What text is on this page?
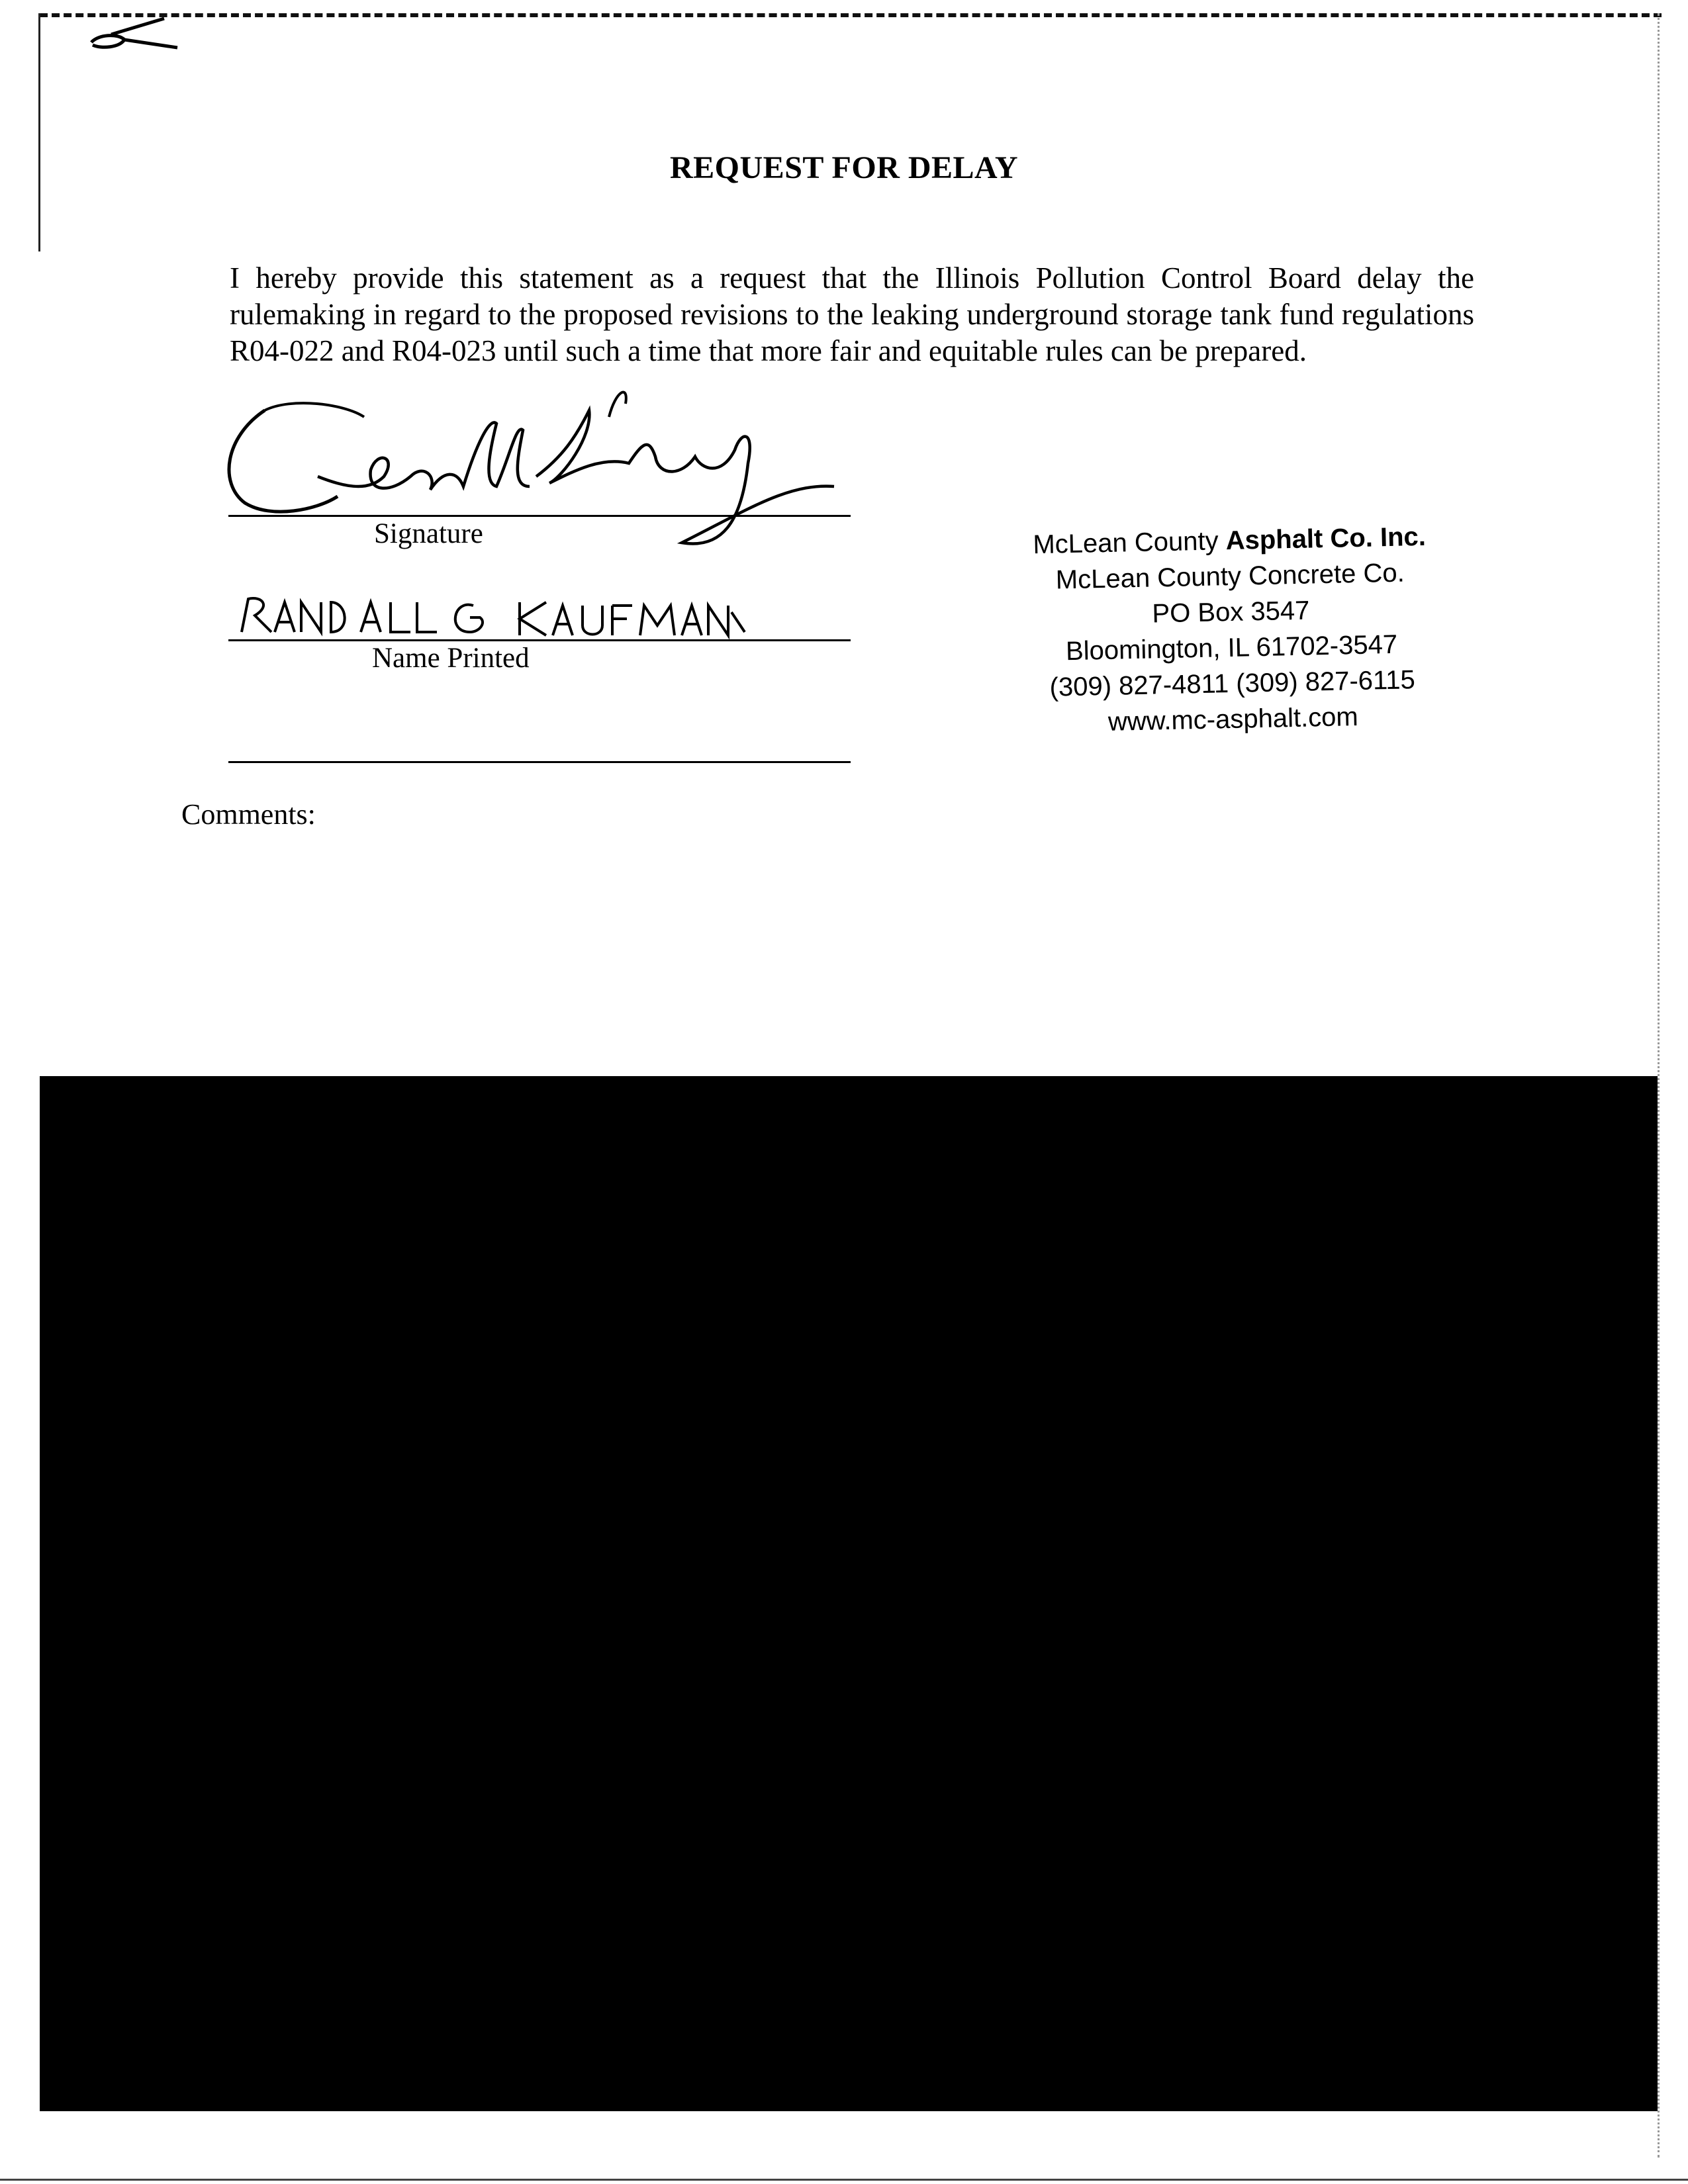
REQUEST FOR DELAY
I hereby provide this statement as a request that the Illinois Pollution Control Board delay the rulemaking in regard to the proposed revisions to the leaking underground storage tank fund regulations R04-022 and R04-023 until such a time that more fair and equitable rules can be prepared.
Signature
Name Printed
McLean County Asphalt Co. Inc.
McLean County Concrete Co.
PO Box 3547
Bloomington, IL 61702-3547
(309) 827-4811 (309) 827-6115
www.mc-asphalt.com
Comments:
